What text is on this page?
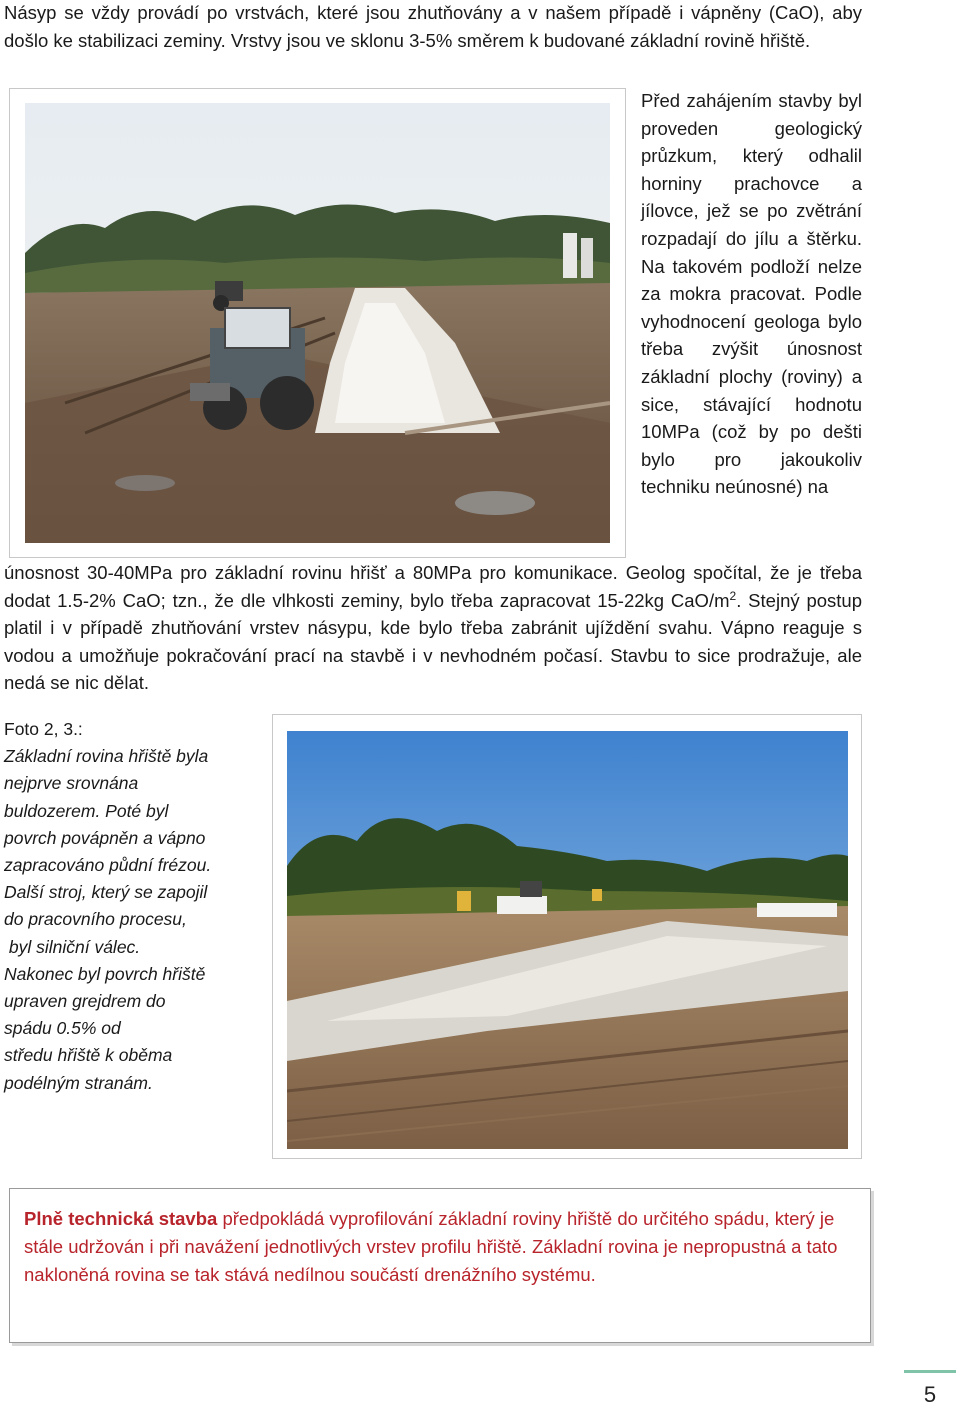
Násyp se vždy provádí po vrstvách, které jsou zhutňovány a v našem případě i vápněny (CaO), aby došlo ke stabilizaci zeminy. Vrstvy jsou ve sklonu 3-5% směrem k budované základní rovině hřiště.

Před zahájením stavby byl proveden geologický průzkum, který odhalil horniny prachovce a jílovce, jež se po zvětrání rozpadají do jílu a štěrku. Na takovém podloží nelze za mokra pracovat. Podle vyhodnocení geologa bylo třeba zvýšit únosnost základní plochy (roviny) a sice, stávající hodnotu 10MPa (což by po dešti bylo pro jakoukoliv techniku neúnosné) na

únosnost 30-40MPa pro základní rovinu hřišť a 80MPa pro komunikace. Geolog spočítal, že je třeba dodat 1.5-2% CaO; tzn., že dle vlhkosti zeminy, bylo třeba zapracovat 15-22kg CaO/$m^2$. Stejný postup platil i v případě zhutňování vrstev násypu, kde bylo třeba zabránit ujíždění svahu. Vápno reaguje s vodou a umožňuje pokračování prací na stavbě i v nevhodném počasí. Stavbu to sice prodražuje, ale nedá se nic dělat.

Foto 2, 3.:
Základní rovina hřiště byla
nejprve srovnána
buldozerem. Poté byl
povrch povápněn a vápno
zapracováno půdní frézou.
Další stroj, který se zapojil
do pracovního procesu,
byl silniční válec.
Nakonec byl povrch hřiště
upraven grejdrem do
spádu 0.5% od
středu hřiště k oběma
podélným stranám.

Plně technická stavba předpokládá vyprofilování základní roviny hřiště do určitého spádu, který je stále udržován i při navážení jednotlivých vrstev profilu hřiště. Základní rovina je nepropustná a tato nakloněná rovina se tak stává nedílnou součástí drenážního systému.

5
